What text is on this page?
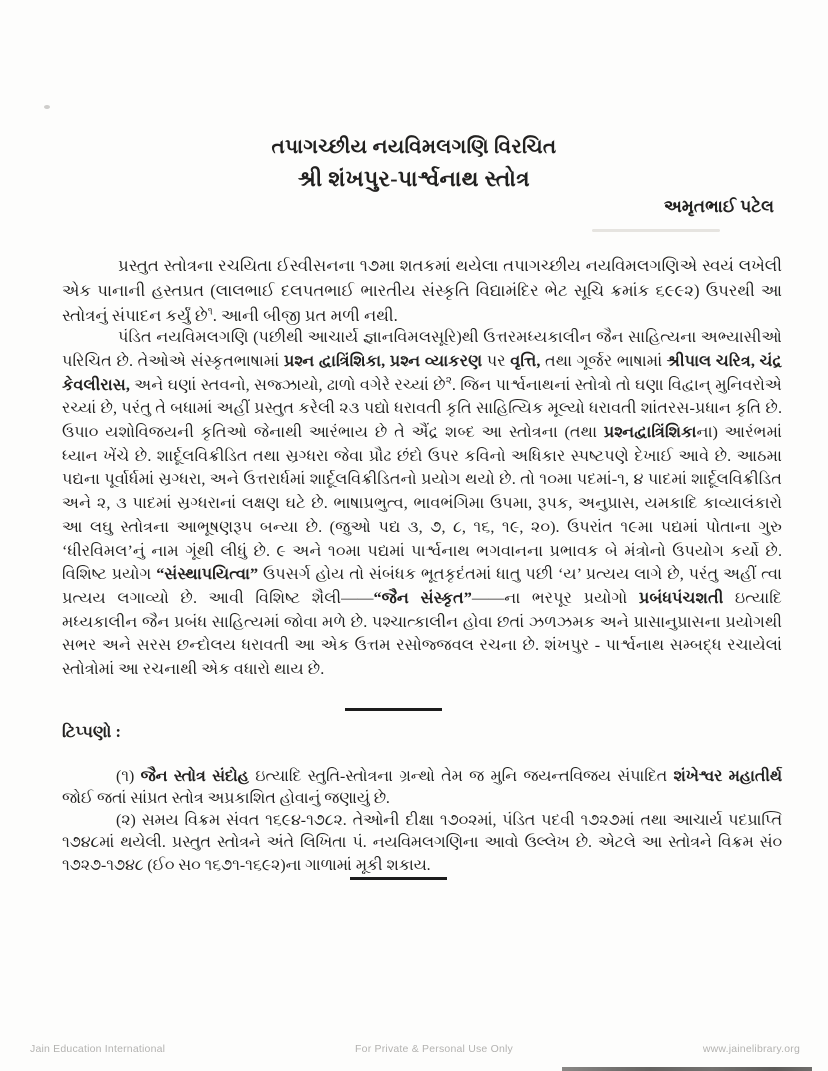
તપાગચ્છીય નયવિમલગણિ વિરચિત
શ્રી શંખપુર-પાર્શ્વનાથ સ્તોત્ર
અમૃતભાઈ પટેલ

પ્રસ્તુત સ્તોત્રના રચયિતા ઈસ્વીસનના ૧૭મા શતકમાં થયેલા તપાગચ્છીય નયવિમલગણિએ સ્વયં લખેલી એક પાનાની હસ્તપ્રત (લાલભાઈ દલપતભાઈ ભારતીય સંસ્કૃતિ વિદ્યામંદિર ભેટ સૂચિ ક્રમાંક ૬૯૯૨) ઉપરથી આ સ્તોત્રનું સંપાદન કર્યું છે$^૧$. આની બીજી પ્રત મળી નથી.

પંડિત નયવિમલગણિ (પછીથી આચાર્ય જ્ઞાનવિમલસૂરિ)થી ઉત્તરમધ્યકાલીન જૈન સાહિત્યના અભ્યાસીઓ પરિચિત છે. તેઓએ સંસ્કૃતભાષામાં પ્રશ્ન દ્વાત્રિંશિકા, પ્રશ્ન વ્યાકરણ પર વૃત્તિ, તથા ગૂર્જર ભાષામાં શ્રીપાલ ચરિત્ર, ચંદ્ર કેવલીરાસ, અને ઘણાં સ્તવનો, સજ્ઝાયો, ઢાળો વગેરે રચ્યાં છે$^૨$. જિન પાર્શ્વનાથનાં સ્તોત્રો તો ઘણા વિદ્વાન્ મુનિવરોએ રચ્યાં છે, પરંતુ તે બધામાં અહીં પ્રસ્તુત કરેલી ૨૩ પદ્યો ધરાવતી કૃતિ સાહિત્યિક મૂલ્યો ધરાવતી શાંતરસ-પ્રધાન કૃતિ છે. ઉપા૦ યશોવિજયની કૃતિઓ જેનાથી આરંભાય છે તે ઐંદ્ર શબ્દ આ સ્તોત્રના (તથા પ્રશ્નદ્વાત્રિંશિકાના) આરંભમાં ધ્યાન ખેંચે છે. શાર્દૂલવિક્રીડિત તથા સ્રગ્ધરા જેવા પ્રૌઢ છંદો ઉપર કવિનો અધિકાર સ્પષ્ટપણે દેખાઈ આવે છે. આઠમા પદ્યના પૂર્વાર્ધમાં સ્રગ્ધરા, અને ઉત્તરાર્ધમાં શાર્દૂલવિક્રીડિતનો પ્રયોગ થયો છે. તો ૧૦મા પદમાં-૧, ૪ પાદમાં શાર્દૂલવિક્રીડિત અને ૨, ૩ પાદમાં સ્રગ્ધરાનાં લક્ષણ ઘટે છે. ભાષાપ્રભુત્વ, ભાવભંગિમા ઉપમા, રૂપક, અનુપ્રાસ, યમકાદિ કાવ્યાલંકારો આ લઘુ સ્તોત્રના આભૂષણરૂપ બન્યા છે. (જુઓ પદ્ય ૩, ૭, ૮, ૧૬, ૧૯, ૨૦). ઉપરાંત ૧૯મા પદ્યમાં પોતાના ગુરુ ‘ધીરવિમલ’નું નામ ગૂંથી લીધું છે. ૯ અને ૧૦મા પદ્યમાં પાર્શ્વનાથ ભગવાનના પ્રભાવક બે મંત્રોનો ઉપયોગ કર્યો છે. વિશિષ્ટ પ્રયોગ “સંસ્થાપયિત્વા” ઉપસર્ગ હોય તો સંબંધક ભૂતકૃદંતમાં ધાતુ પછી ‘ય’ પ્રત્યય લાગે છે, પરંતુ અહીં ત્વા પ્રત્યય લગાવ્યો છે. આવી વિશિષ્ટ શૈલી——“જૈન સંસ્કૃત”——ના ભરપૂર પ્રયોગો પ્રબંધપંચશતી ઇત્યાદિ મધ્યકાલીન જૈન પ્રબંધ સાહિત્યમાં જોવા મળે છે. પશ્ચાત્કાલીન હોવા છતાં ઝળઝમક અને પ્રાસાનુપ્રાસના પ્રયોગથી સભર અને સરસ છન્દોલય ધરાવતી આ એક ઉત્તમ રસોજ્જવલ રચના છે. શંખપુર - પાર્શ્વનાથ સમ્બદ્ધ રચાયેલાં સ્તોત્રોમાં આ રચનાથી એક વધારો થાય છે.

ટિપ્પણો :

(૧) જૈન સ્તોત્ર સંદોહ ઇત્યાદિ સ્તુતિ-સ્તોત્રના ગ્રન્થો તેમ જ મુનિ જયન્તવિજય સંપાદિત શંખેશ્વર મહાતીર્થ જોઈ જતાં સાંપ્રત સ્તોત્ર અપ્રકાશિત હોવાનું જણાયું છે.

(૨) સમય વિક્રમ સંવત ૧૬૯૪-૧૭૮૨. તેઓની દીક્ષા ૧૭૦૨માં, પંડિત પદવી ૧૭૨૭માં તથા આચાર્ય પદપ્રાપ્તિ ૧૭૪૮માં થયેલી. પ્રસ્તુત સ્તોત્રને અંતે લિખિતા પં. નયવિમલગણિના આવો ઉલ્લેખ છે. એટલે આ સ્તોત્રને વિક્રમ સં૦ ૧૭૨૭-૧૭૪૮ (ઈ૦ સ૦ ૧૬૭૧-૧૬૯૨)ના ગાળામાં મૂકી શકાય.

Jain Education International	For Private & Personal Use Only	www.jainelibrary.org
